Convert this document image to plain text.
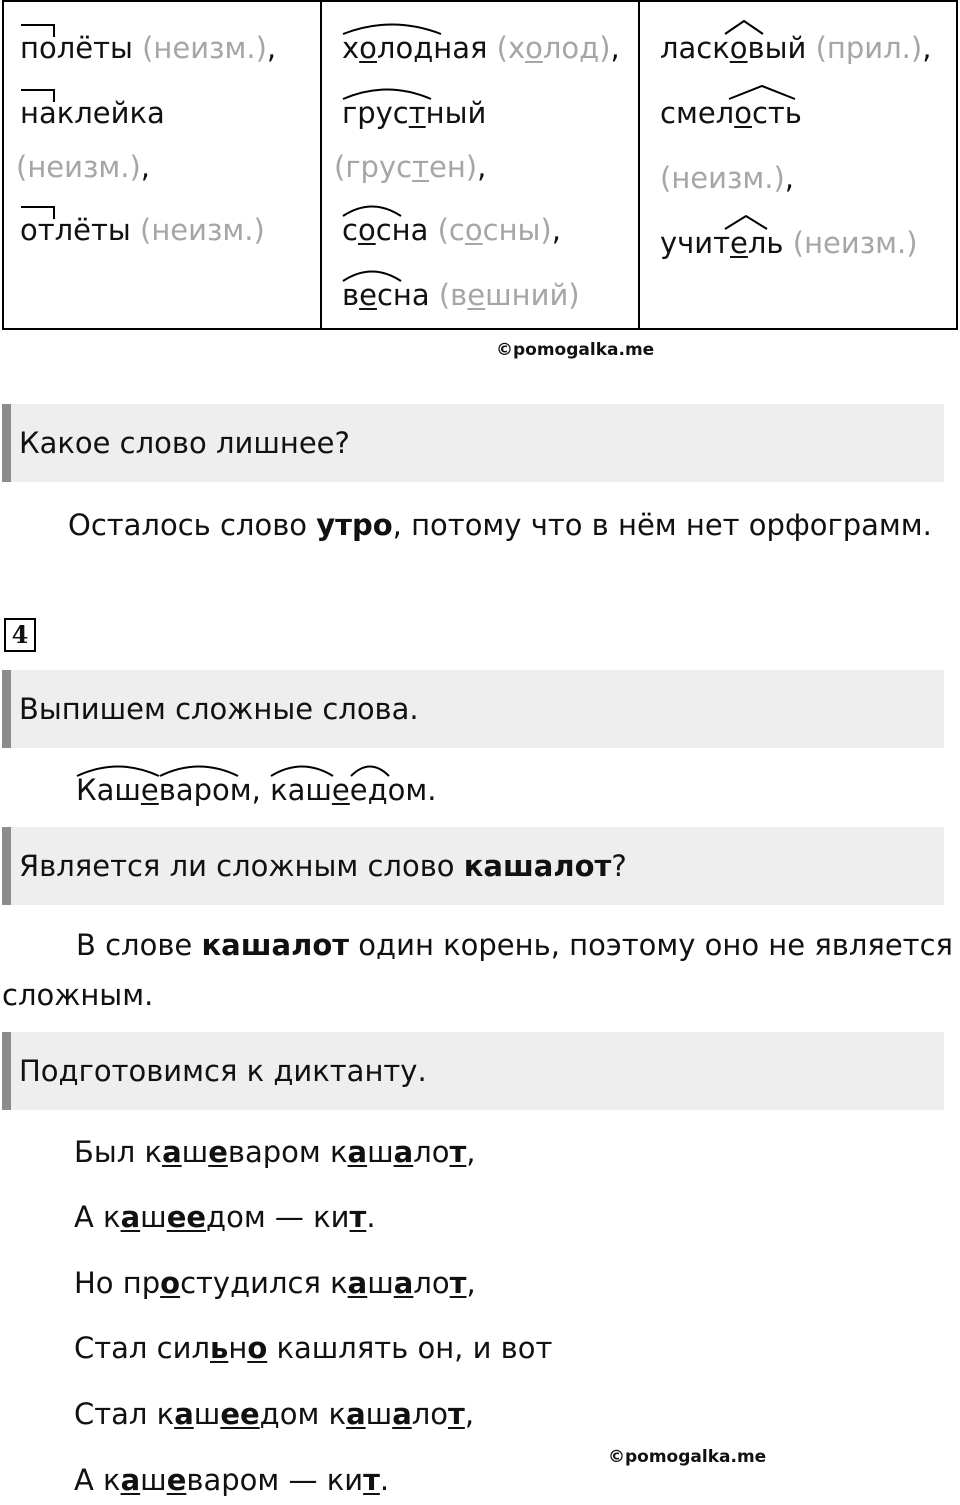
полёты (неизм.),
наклейка
(неизм.),
отлёты (неизм.)

холодная (холод),
грустный
(грустен),
сосна (сосны),
весна (вешний)

ласк
овый (прил.),
смел
ость (неизм.),
учит
ель (неизм.)
©pomogalka.me
Какое слово лишнее?
Осталось слово утро, потому что в нём нет орфограмм.
4
Выпишем сложные слова.
Каше
варом,
каше
едом.
Является ли сложным слово кашалот?
В слове кашалот один корень, поэтому оно не является
сложным.
Подготовимся к диктанту.
Был кашеваром кашалот,
А кашеедом — кит.
Но простудился кашалот,
Стал сильно кашлять он, и вот
Стал кашеедом кашалот,
А кашеваром — кит.
©pomogalka.me
